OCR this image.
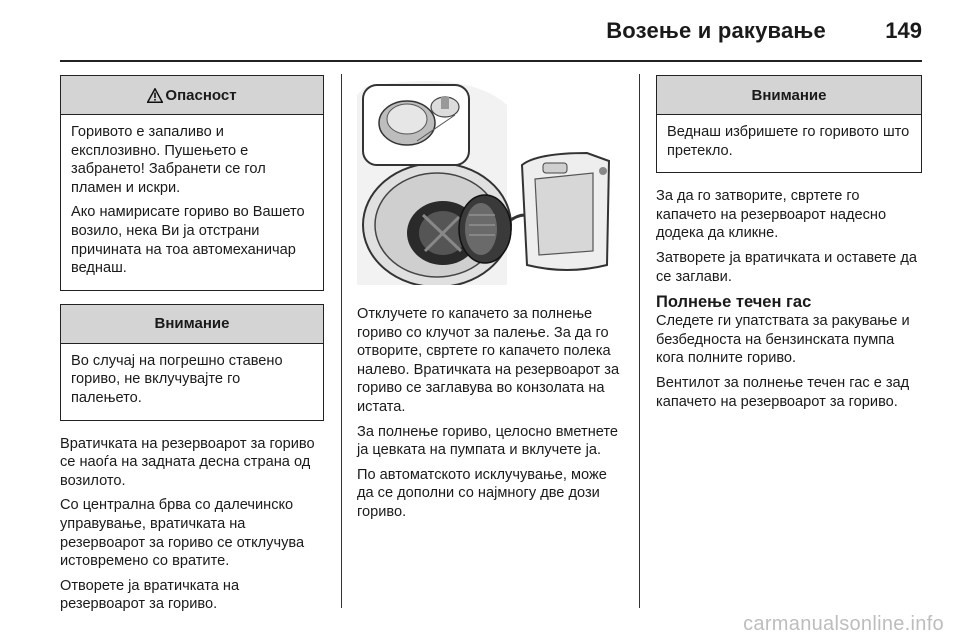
Возење и ракување	149
Опасност

Горивото е запаливо и експлозивно. Пушењето е забрането! Забранети се гол пламен и искри.

Ако намирисате гориво во Вашето возило, нека Ви ја отстрани причината на тоа автомеханичар веднаш.

Внимание

Во случај на погрешно ставено гориво, не вклучувајте го палењето.

Вратичката на резервоарот за гориво се наоѓа на задната десна страна од возилото.

Со централна брва со далечинско управување, вратичката на резервоарот за гориво се отклучува истовремено со вратите.

Отворете ја вратичката на резервоарот за гориво.

Отклучете го капачето за полнење гориво со клучот за палење. За да го отворите, свртете го капачето полека налево. Вратичката на резервоарот за гориво се заглавува во конзолата на истата.

За полнење гориво, целосно вметнете ја цевката на пумпата и вклучете ја.

По автоматското исклучување, може да се дополни со најмногу две дози гориво.

Внимание

Веднаш избришете го горивото што претекло.

За да го затворите, свртете го капачето на резервоарот надесно додека да кликне.

Затворете ја вратичката и оставете да се заглави.

Полнење течен гас

Следете ги упатствата за ракување и безбедноста на бензинската пумпа кога полните гориво.

Вентилот за полнење течен гас е зад капачето на резервоарот за гориво.

carmanualsonline.info
